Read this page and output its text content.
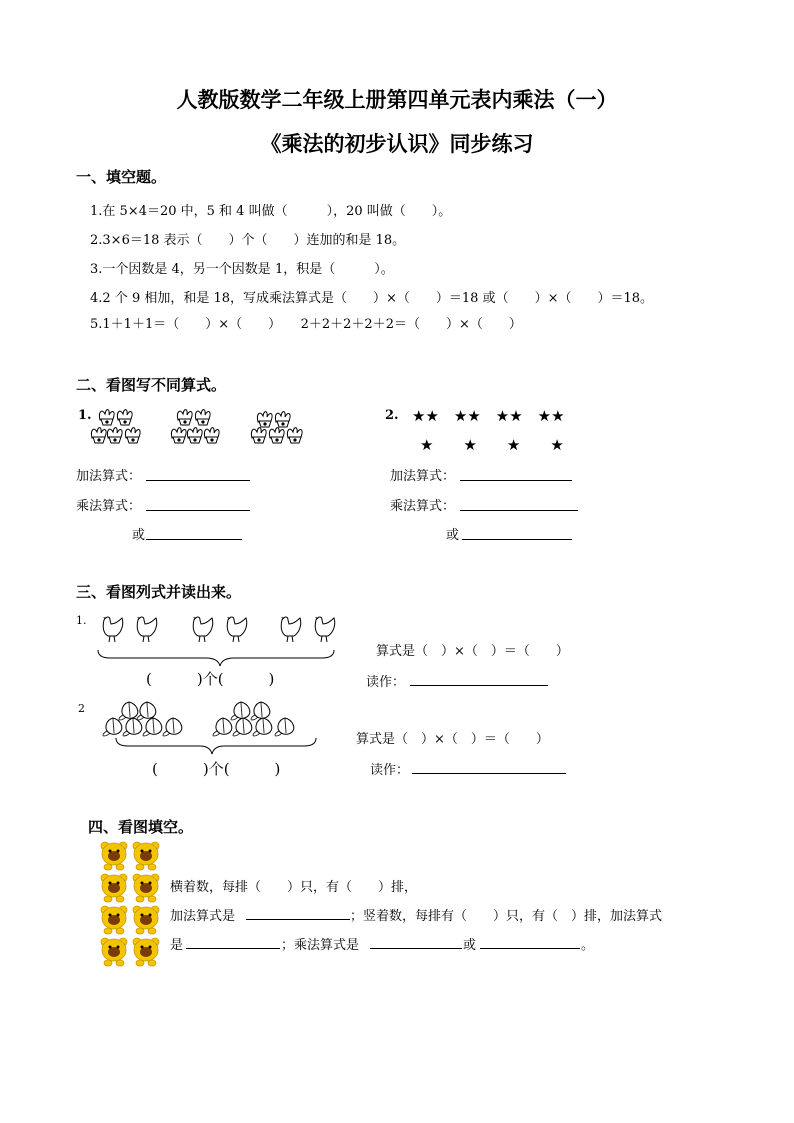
人教版数学二年级上册第四单元表内乘法（一）
《乘法的初步认识》同步练习
一、填空题。
1.在 5×4＝20 中，5 和 4 叫做（　　　），20 叫做（　　）。
2.3×6＝18 表示（　　）个（　　）连加的和是 18。
3.一个因数是 4，另一个因数是 1，积是（　　　）。
4.2 个 9 相加，和是 18，写成乘法算式是（　　）×（　　）＝18 或（　　）×（　　）＝18。
5.1＋1＋1＝（　　）×（　　）　　2＋2＋2＋2＋2＝（　　）×（　　）
二、看图写不同算式。
1.	2. ★★　★★　★★　★★
★　　★　　★　　★
加法算式：
乘法算式：
或
加法算式：
乘法算式：
或
三、看图列式并读出来。
1.
(　　　)个(　　　)
算式是（　）×（　）＝（　　）
读作：
2
(　　　)个(　　　)
算式是（　）×（　）＝（　　）
读作：
四、看图填空。
横着数，每排（　　）只，有（　　）排，
加法算式是	；竖着数，每排有（　　）只，有（　）排，加法算式
是	；乘法算式是	或	。
